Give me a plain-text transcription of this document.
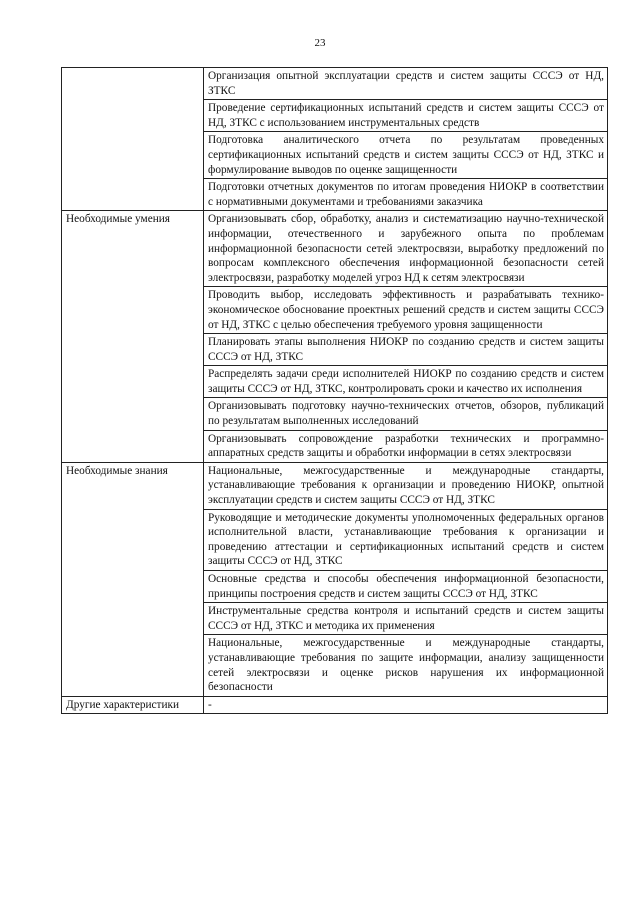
23
	Организация опытной эксплуатации средств и систем защиты СССЭ от НД, ЗТКС
	Проведение сертификационных испытаний средств и систем защиты СССЭ от НД, ЗТКС с использованием инструментальных средств
	Подготовка аналитического отчета по результатам проведенных сертификационных испытаний средств и систем защиты СССЭ от НД, ЗТКС и формулирование выводов по оценке защищенности
	Подготовки отчетных документов по итогам проведения НИОКР в соответствии с нормативными документами и требованиями заказчика
Необходимые умения	Организовывать сбор, обработку, анализ и систематизацию научно-технической информации, отечественного и зарубежного опыта по проблемам информационной безопасности сетей электросвязи, выработку предложений по вопросам комплексного обеспечения информационной безопасности сетей электросвязи, разработку моделей угроз НД к сетям электросвязи
	Проводить выбор, исследовать эффективность и разрабатывать технико-экономическое обоснование проектных решений средств и систем защиты СССЭ от НД, ЗТКС с целью обеспечения требуемого уровня защищенности
	Планировать этапы выполнения НИОКР по созданию средств и систем защиты СССЭ от НД, ЗТКС
	Распределять задачи среди исполнителей НИОКР по созданию средств и систем защиты СССЭ от НД, ЗТКС, контролировать сроки и качество их исполнения
	Организовывать подготовку научно-технических отчетов, обзоров, публикаций по результатам выполненных исследований
	Организовывать сопровождение разработки технических и программно-аппаратных средств защиты и обработки информации в сетях электросвязи
Необходимые знания	Национальные, межгосударственные и международные стандарты, устанавливающие требования к организации и проведению НИОКР, опытной эксплуатации средств и систем защиты СССЭ от НД, ЗТКС
	Руководящие и методические документы уполномоченных федеральных органов исполнительной власти, устанавливающие требования к организации и проведению аттестации и сертификационных испытаний средств и систем защиты СССЭ от НД, ЗТКС
	Основные средства и способы обеспечения информационной безопасности, принципы построения средств и систем защиты СССЭ от НД, ЗТКС
	Инструментальные средства контроля и испытаний средств и систем защиты СССЭ от НД, ЗТКС и методика их применения
	Национальные, межгосударственные и международные стандарты, устанавливающие требования по защите информации, анализу защищенности сетей электросвязи и оценке рисков нарушения их информационной безопасности
Другие характеристики	-
